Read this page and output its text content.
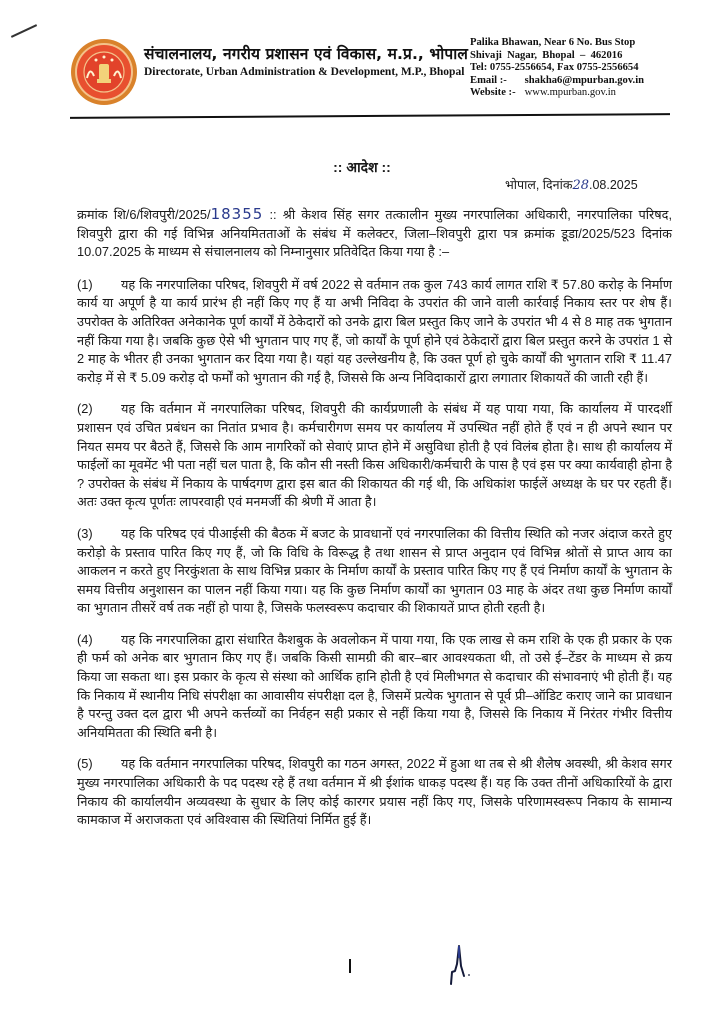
संचालनालय, नगरीय प्रशासन एवं विकास, म.प्र., भोपाल
Directorate, Urban Administration & Development, M.P., Bhopal
Palika Bhawan, Near 6 No. Bus Stop
Shivaji  Nagar,  Bhopal  –  462016
Tel: 0755-2556654, Fax 0755-2556654
Email :- shakha6@mpurban.gov.in
Website :- www.mpurban.gov.in
:: आदेश ::
भोपाल, दिनांक28.08.2025

क्रमांक शि/6/शिवपुरी/2025/18355 :: श्री केशव सिंह सगर तत्कालीन मुख्य नगरपालिका अधिकारी, नगरपालिका परिषद, शिवपुरी द्वारा की गई विभिन्न अनियमितताओं के संबंध में कलेक्टर, जिला–शिवपुरी द्वारा पत्र क्रमांक डूडा/2025/523 दिनांक 10.07.2025 के माध्यम से संचालनालय को निम्नानुसार प्रतिवेदित किया गया है :–

(1) यह कि नगरपालिका परिषद, शिवपुरी में वर्ष 2022 से वर्तमान तक कुल 743 कार्य लागत राशि ₹ 57.80 करोड़ के निर्माण कार्य या अपूर्ण है या कार्य प्रारंभ ही नहीं किए गए हैं या अभी निविदा के उपरांत की जाने वाली कार्रवाई निकाय स्तर पर शेष हैं। उपरोक्त के अतिरिक्त अनेकानेक पूर्ण कार्यों में ठेकेदारों को उनके द्वारा बिल प्रस्तुत किए जाने के उपरांत भी 4 से 8 माह तक भुगतान नहीं किया गया है। जबकि कुछ ऐसे भी भुगतान पाए गए हैं, जो कार्यों के पूर्ण होने एवं ठेकेदारों द्वारा बिल प्रस्तुत करने के उपरांत 1 से 2 माह के भीतर ही उनका भुगतान कर दिया गया है। यहां यह उल्लेखनीय है, कि उक्त पूर्ण हो चुके कार्यों की भुगतान राशि ₹ 11.47 करोड़ में से ₹ 5.09 करोड़ दो फर्मों को भुगतान की गई है, जिससे कि अन्य निविदाकारों द्वारा लगातार शिकायतें की जाती रही हैं।

(2) यह कि वर्तमान में नगरपालिका परिषद, शिवपुरी की कार्यप्रणाली के संबंध में यह पाया गया, कि कार्यालय में पारदर्शी प्रशासन एवं उचित प्रबंधन का नितांत प्रभाव है। कर्मचारीगण समय पर कार्यालय में उपस्थित नहीं होते हैं एवं न ही अपने स्थान पर नियत समय पर बैठते हैं, जिससे कि आम नागरिकों को सेवाएं प्राप्त होने में असुविधा होती है एवं विलंब होता है। साथ ही कार्यालय में फाईलों का मूवमेंट भी पता नहीं चल पाता है, कि कौन सी नस्ती किस अधिकारी/कर्मचारी के पास है एवं इस पर क्या कार्यवाही होना है ? उपरोक्त के संबंध में निकाय के पार्षदगण द्वारा इस बात की शिकायत की गई थी, कि अधिकांश फाईलें अध्यक्ष के घर पर रहती हैं। अतः उक्त कृत्य पूर्णतः लापरवाही एवं मनमर्जी की श्रेणी में आता है।

(3) यह कि परिषद एवं पीआईसी की बैठक में बजट के प्रावधानों एवं नगरपालिका की वित्तीय स्थिति को नजर अंदाज करते हुए करोड़ो के प्रस्ताव पारित किए गए हैं, जो कि विधि के विरूद्ध है तथा शासन से प्राप्त अनुदान एवं विभिन्न श्रोतों से प्राप्त आय का आकलन न करते हुए निरकुंशता के साथ विभिन्न प्रकार के निर्माण कार्यों के प्रस्ताव पारित किए गए हैं एवं निर्माण कार्यों के भुगतान के समय वित्तीय अनुशासन का पालन नहीं किया गया। यह कि कुछ निर्माण कार्यों का भुगतान 03 माह के अंदर तथा कुछ निर्माण कार्यों का भुगतान तीसरें वर्ष तक नहीं हो पाया है, जिसके फलस्वरूप कदाचार की शिकायतें प्राप्त होती रहती है।

(4) यह कि नगरपालिका द्वारा संधारित कैशबुक के अवलोकन में पाया गया, कि एक लाख से कम राशि के एक ही प्रकार के एक ही फर्म को अनेक बार भुगतान किए गए हैं। जबकि किसी सामग्री की बार–बार आवश्यकता थी, तो उसे ई–टेंडर के माध्यम से क्रय किया जा सकता था। इस प्रकार के कृत्य से संस्था को आर्थिक हानि होती है एवं मिलीभगत से कदाचार की संभावनाएं भी होती हैं। यह कि निकाय में स्थानीय निधि संपरीक्षा का आवासीय संपरीक्षा दल है, जिसमें प्रत्येक भुगतान से पूर्व प्री–ऑडिट कराए जाने का प्रावधान है परन्तु उक्त दल द्वारा भी अपने कर्त्तव्यों का निर्वहन सही प्रकार से नहीं किया गया है, जिससे कि निकाय में निरंतर गंभीर वित्तीय अनियमितता की स्थिति बनी है।

(5) यह कि वर्तमान नगरपालिका परिषद, शिवपुरी का गठन अगस्त, 2022 में हुआ था तब से श्री शैलेष अवस्थी, श्री केशव सगर मुख्य नगरपालिका अधिकारी के पद पदस्थ रहे हैं तथा वर्तमान में श्री ईशांक धाकड़ पदस्थ हैं। यह कि उक्त तीनों अधिकारियों के द्वारा निकाय की कार्यालयीन अव्यवस्था के सुधार के लिए कोई कारगर प्रयास नहीं किए गए, जिसके परिणामस्वरूप निकाय के सामान्य कामकाज में अराजकता एवं अविश्वास की स्थितियां निर्मित हुई हैं।
